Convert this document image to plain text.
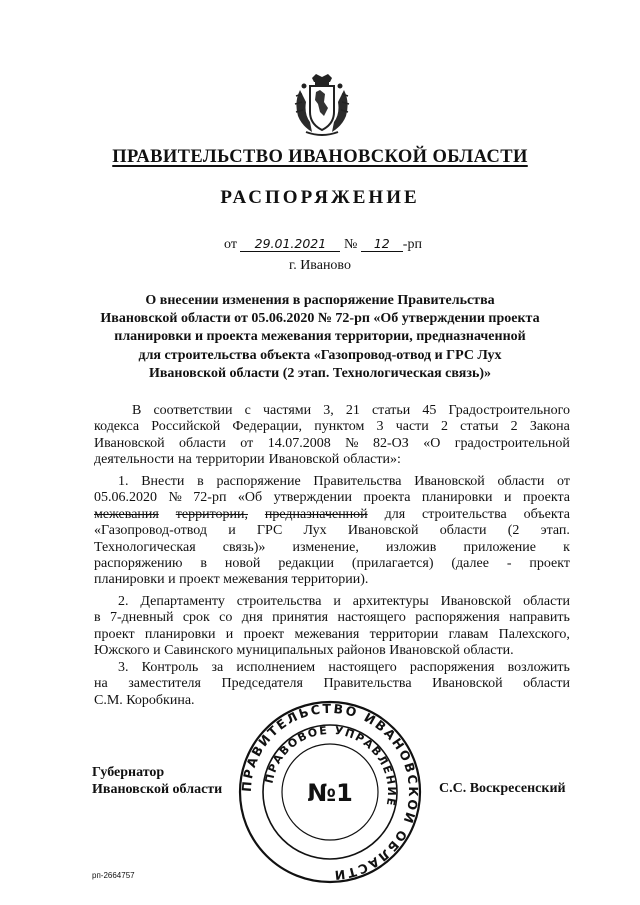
ПРАВИТЕЛЬСТВО ИВАНОВСКОЙ ОБЛАСТИ
РАСПОРЯЖЕНИЕ
от 29.01.2021 № 12 -рп
г. Иваново
О внесении изменения в распоряжение Правительства
Ивановской области от 05.06.2020 № 72-рп «Об утверждении проекта
планировки и проекта межевания территории, предназначенной
для строительства объекта «Газопровод-отвод и ГРС Лух
Ивановской области (2 этап. Технологическая связь)»
В соответствии с частями 3, 21 статьи 45 Градостроительного
кодекса Российской Федерации, пунктом 3 части 2 статьи 2 Закона
Ивановской области от 14.07.2008 № 82-ОЗ «О градостроительной
деятельности на территории Ивановской области»:
1. Внести в распоряжение Правительства Ивановской области от
05.06.2020 № 72-рп «Об утверждении проекта планировки и проекта
межевания территории, предназначенной для строительства объекта
«Газопровод-отвод и ГРС Лух Ивановской области (2 этап.
Технологическая связь)» изменение, изложив приложение к
распоряжению в новой редакции (прилагается) (далее - проект
планировки и проект межевания территории).
2. Департаменту строительства и архитектуры Ивановской области
в 7-дневный срок со дня принятия настоящего распоряжения направить
проект планировки и проект межевания территории главам Палехского,
Южского и Савинского муниципальных районов Ивановской области.
3. Контроль за исполнением настоящего распоряжения возложить
на заместителя Председателя Правительства Ивановской области
С.М. Коробкина.
ПРАВИТЕЛЬСТВО ИВАНОВСКОЙ ОБЛАСТИ
ПРАВОВОЕ УПРАВЛЕНИЕ
№1
Губернатор
Ивановской области	С.С. Воскресенский
рп-2664757
